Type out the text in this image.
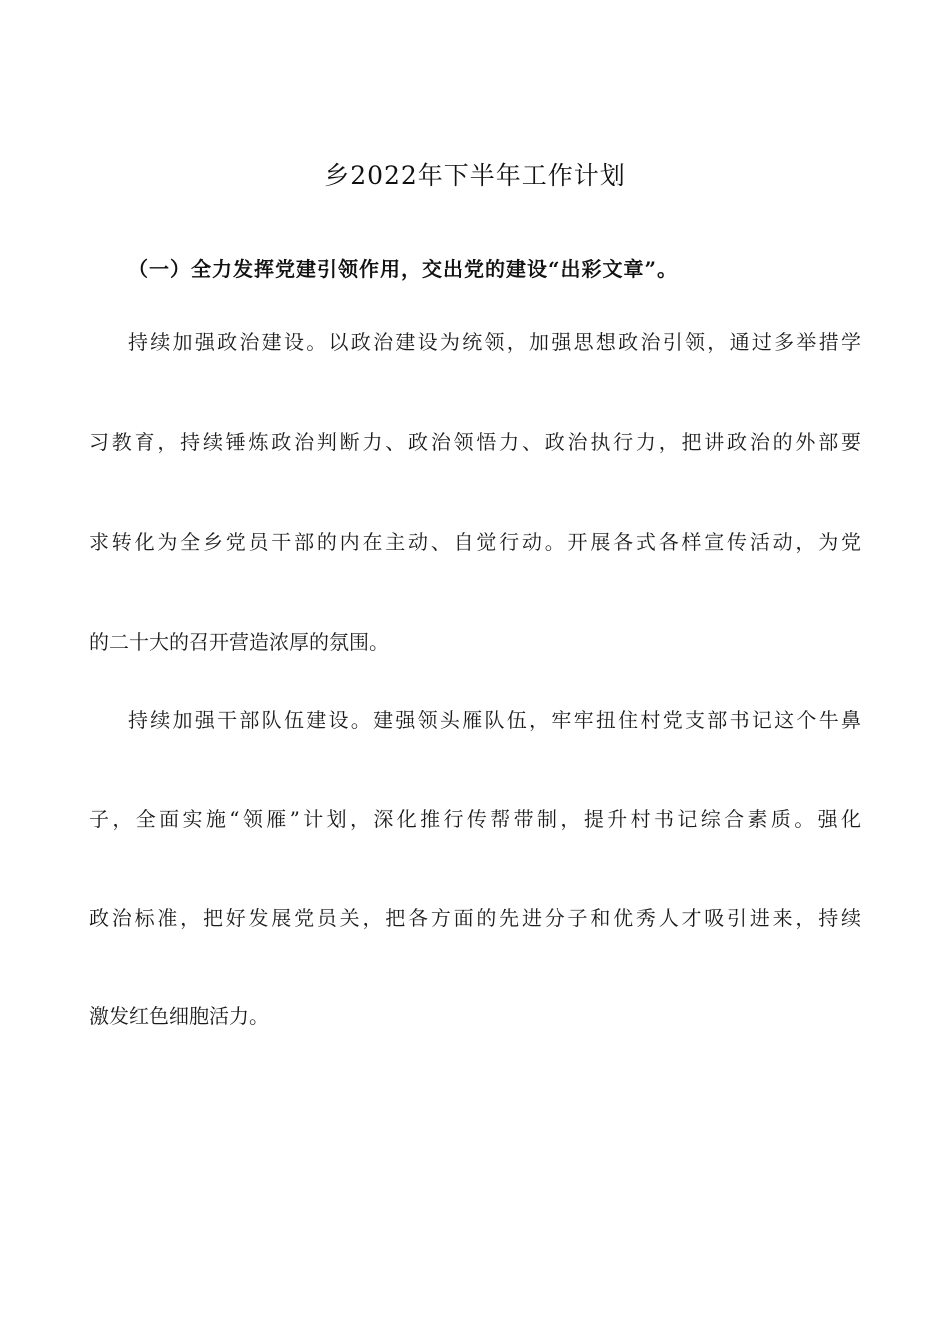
乡2022年下半年工作计划
（一）全力发挥党建引领作用，交出党的建设“出彩文章”。
持续加强政治建设。以政治建设为统领，加强思想政治引领，通过多举措学
习教育，持续锤炼政治判断力、政治领悟力、政治执行力，把讲政治的外部要
求转化为全乡党员干部的内在主动、自觉行动。开展各式各样宣传活动，为党
的二十大的召开营造浓厚的氛围。
持续加强干部队伍建设。建强领头雁队伍，牢牢扭住村党支部书记这个牛鼻
子，全面实施“领雁”计划，深化推行传帮带制，提升村书记综合素质。强化
政治标准，把好发展党员关，把各方面的先进分子和优秀人才吸引进来，持续
激发红色细胞活力。
